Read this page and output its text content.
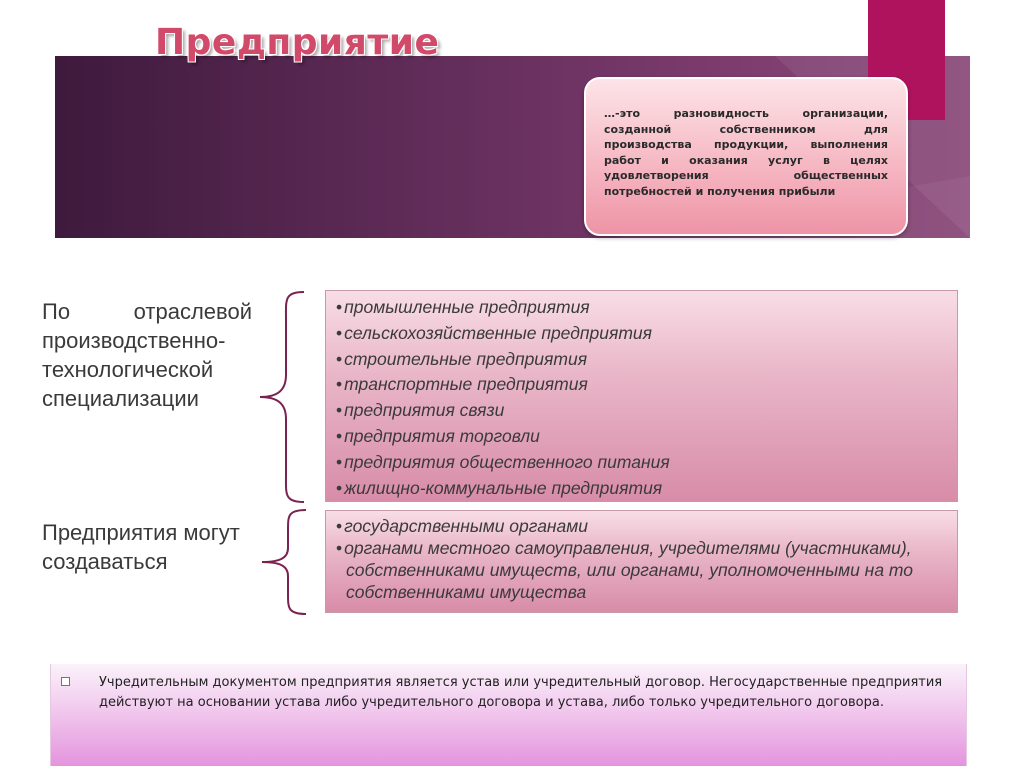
Предприятие
…-это разновидность организации, созданной собственником для производства продукции, выполнения работ и оказания услуг в целях удовлетворения общественных потребностей и получения прибыли

По отраслевой производственно-технологической специализации

• промышленные предприятия
• сельскохозяйственные предприятия
• строительные предприятия
• транспортные предприятия
• предприятия связи
• предприятия торговли
• предприятия общественного питания
• жилищно-коммунальные предприятия

Предприятия могут создаваться

• государственными органами
• органами местного самоуправления, учредителями (участниками), собственниками имуществ, или органами, уполномоченными на то собственниками имущества
Учредительным документом предприятия является устав или учредительный договор. Негосударственные предприятия действуют на основании устава либо учредительного договора и устава, либо только учредительного договора.
